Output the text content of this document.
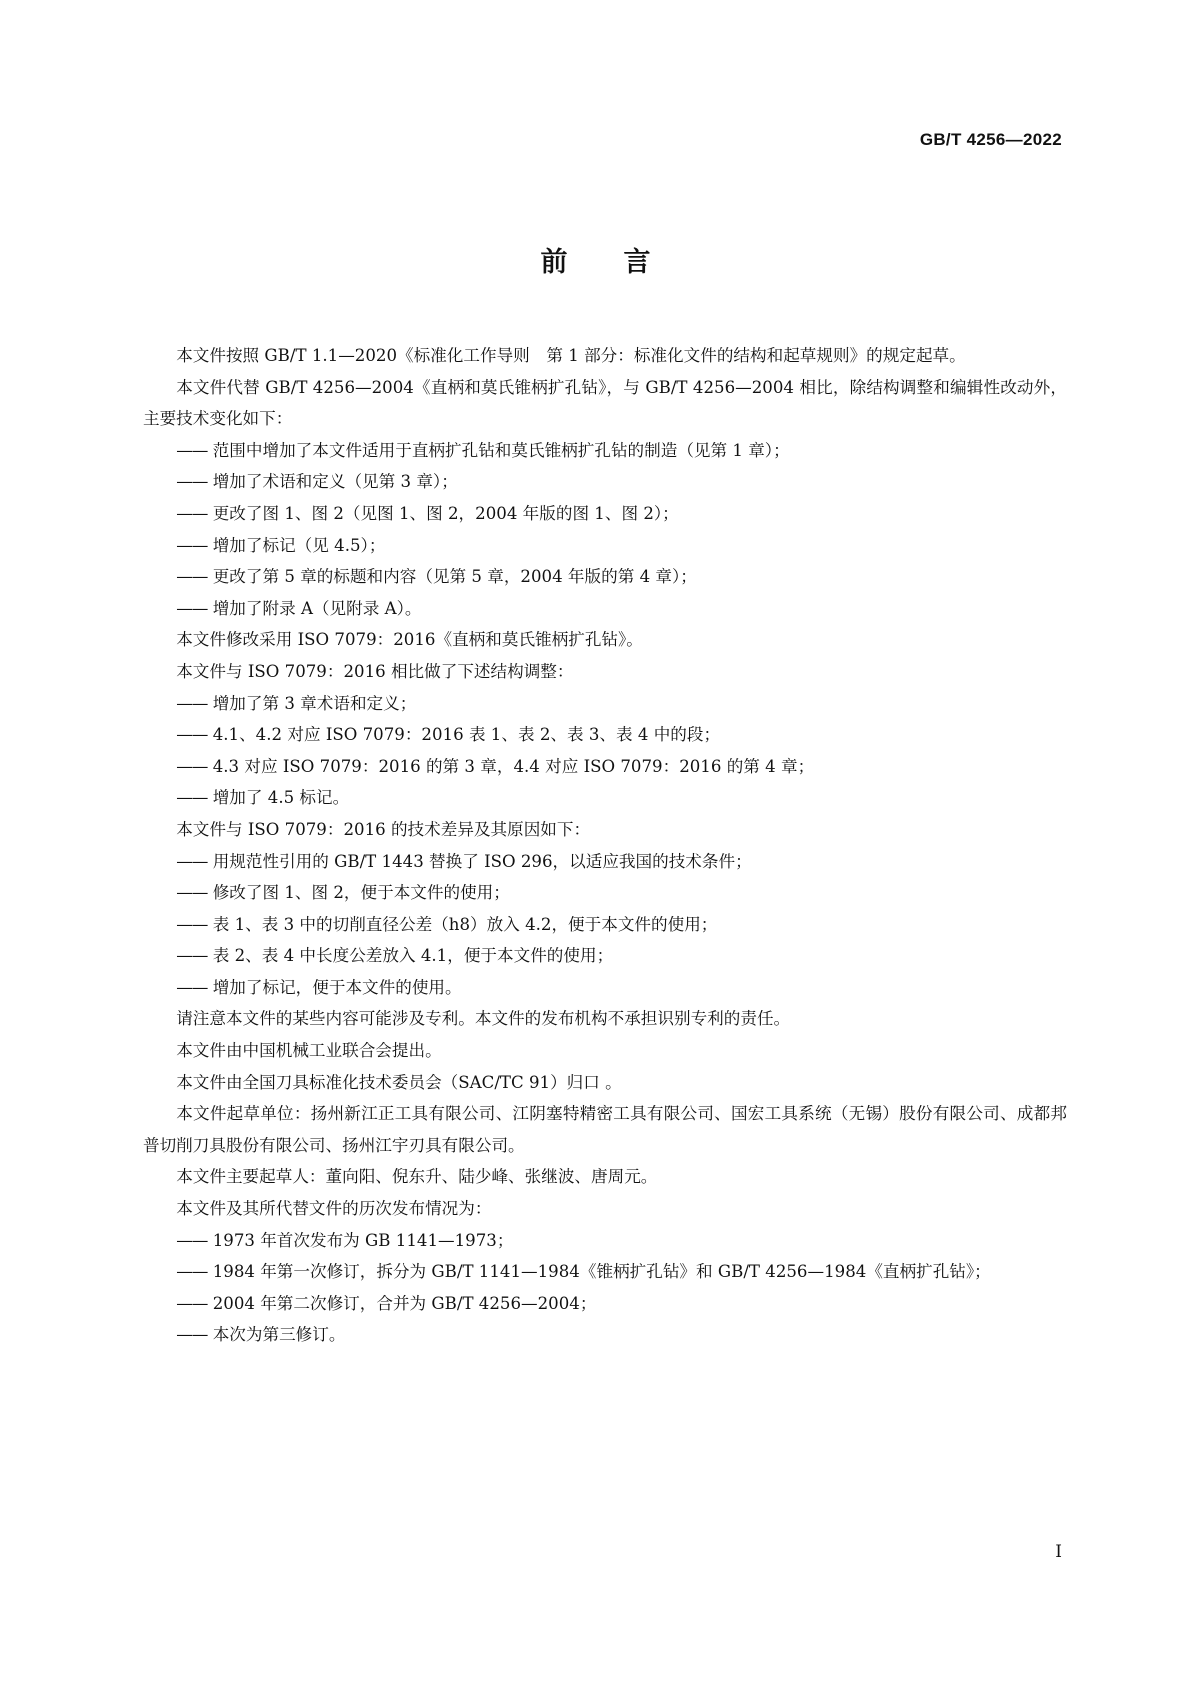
GB/T 4256—2022
前言

本文件按照 GB/T 1.1—2020《标准化工作导则　第 1 部分：标准化文件的结构和起草规则》的规定起草。

本文件代替 GB/T 4256—2004《直柄和莫氏锥柄扩孔钻》，与 GB/T 4256—2004 相比，除结构调整和编辑性改动外，主要技术变化如下：

—— 范围中增加了本文件适用于直柄扩孔钻和莫氏锥柄扩孔钻的制造（见第 1 章）；

—— 增加了术语和定义（见第 3 章）；

—— 更改了图 1、图 2（见图 1、图 2，2004 年版的图 1、图 2）；

—— 增加了标记（见 4.5）；

—— 更改了第 5 章的标题和内容（见第 5 章，2004 年版的第 4 章）；

—— 增加了附录 A（见附录 A）。

本文件修改采用 ISO 7079：2016《直柄和莫氏锥柄扩孔钻》。

本文件与 ISO 7079：2016 相比做了下述结构调整：

—— 增加了第 3 章术语和定义；

—— 4.1、4.2 对应 ISO 7079：2016 表 1、表 2、表 3、表 4 中的段；

—— 4.3 对应 ISO 7079：2016 的第 3 章，4.4 对应 ISO 7079：2016 的第 4 章；

—— 增加了 4.5 标记。

本文件与 ISO 7079：2016 的技术差异及其原因如下：

—— 用规范性引用的 GB/T 1443 替换了 ISO 296，以适应我国的技术条件；

—— 修改了图 1、图 2，便于本文件的使用；

—— 表 1、表 3 中的切削直径公差（h8）放入 4.2，便于本文件的使用；

—— 表 2、表 4 中长度公差放入 4.1，便于本文件的使用；

—— 增加了标记，便于本文件的使用。

请注意本文件的某些内容可能涉及专利。本文件的发布机构不承担识别专利的责任。

本文件由中国机械工业联合会提出。

本文件由全国刀具标准化技术委员会（SAC/TC 91）归口 。

本文件起草单位：扬州新江正工具有限公司、江阴塞特精密工具有限公司、国宏工具系统（无锡）股份有限公司、成都邦普切削刀具股份有限公司、扬州江宇刃具有限公司。

本文件主要起草人：董向阳、倪东升、陆少峰、张继波、唐周元。

本文件及其所代替文件的历次发布情况为：

—— 1973 年首次发布为 GB 1141—1973；

—— 1984 年第一次修订，拆分为 GB/T 1141—1984《锥柄扩孔钻》和 GB/T 4256—1984《直柄扩孔钻》；

—— 2004 年第二次修订，合并为 GB/T 4256—2004；

—— 本次为第三修订。

I
